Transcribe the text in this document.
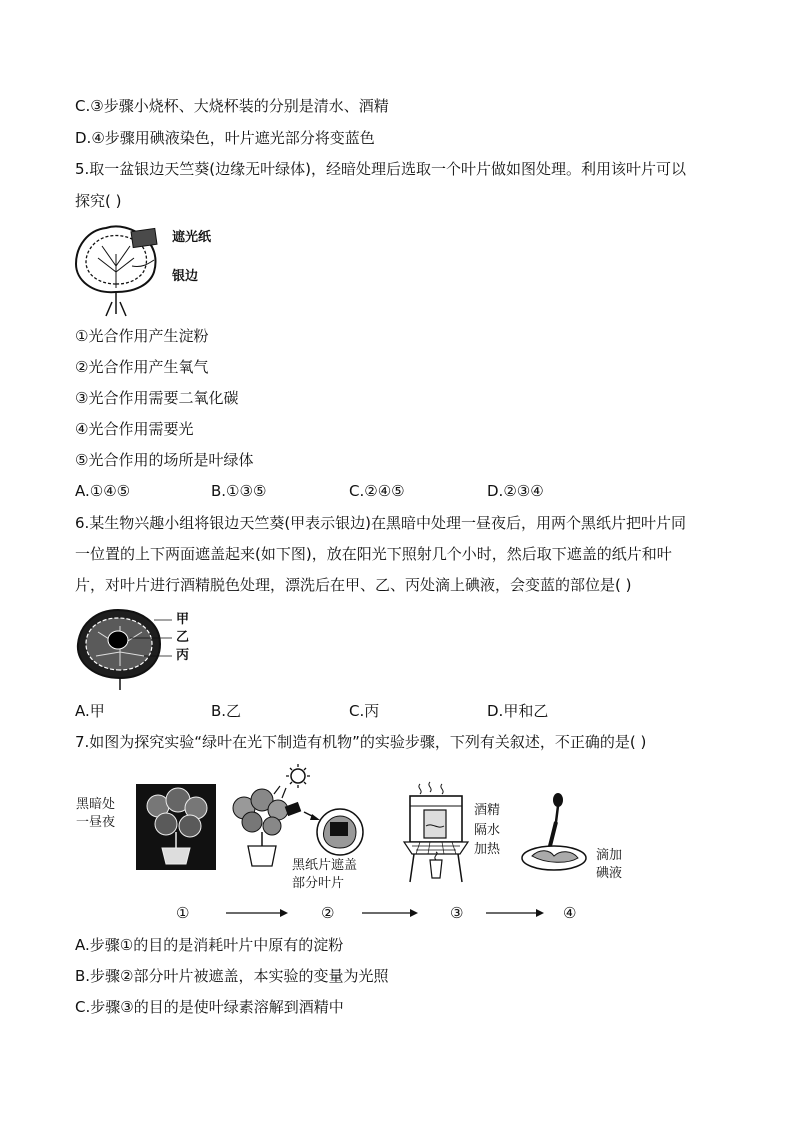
C.③步骤小烧杯、大烧杯装的分别是清水、酒精
D.④步骤用碘液染色，叶片遮光部分将变蓝色
5.取一盆银边天竺葵(边缘无叶绿体)，经暗处理后选取一个叶片做如图处理。利用该叶片可以
探究( )
遮光纸
银边
①光合作用产生淀粉
②光合作用产生氧气
③光合作用需要二氧化碳
④光合作用需要光
⑤光合作用的场所是叶绿体
A.①④⑤	B.①③⑤	C.②④⑤	D.②③④
6.某生物兴趣小组将银边天竺葵(甲表示银边)在黑暗中处理一昼夜后，用两个黑纸片把叶片同
一位置的上下两面遮盖起来(如下图)，放在阳光下照射几个小时，然后取下遮盖的纸片和叶
片，对叶片进行酒精脱色处理，漂洗后在甲、乙、丙处滴上碘液，会变蓝的部位是( )
甲
乙
丙
A.甲	B.乙	C.丙	D.甲和乙
7.如图为探究实验“绿叶在光下制造有机物”的实验步骤，下列有关叙述，不正确的是( )
黑暗处
一昼夜
黑纸片遮盖
部分叶片
酒精
隔水
加热	滴加
碘液
①	②	③	④
A.步骤①的目的是消耗叶片中原有的淀粉
B.步骤②部分叶片被遮盖，本实验的变量为光照
C.步骤③的目的是使叶绿素溶解到酒精中
